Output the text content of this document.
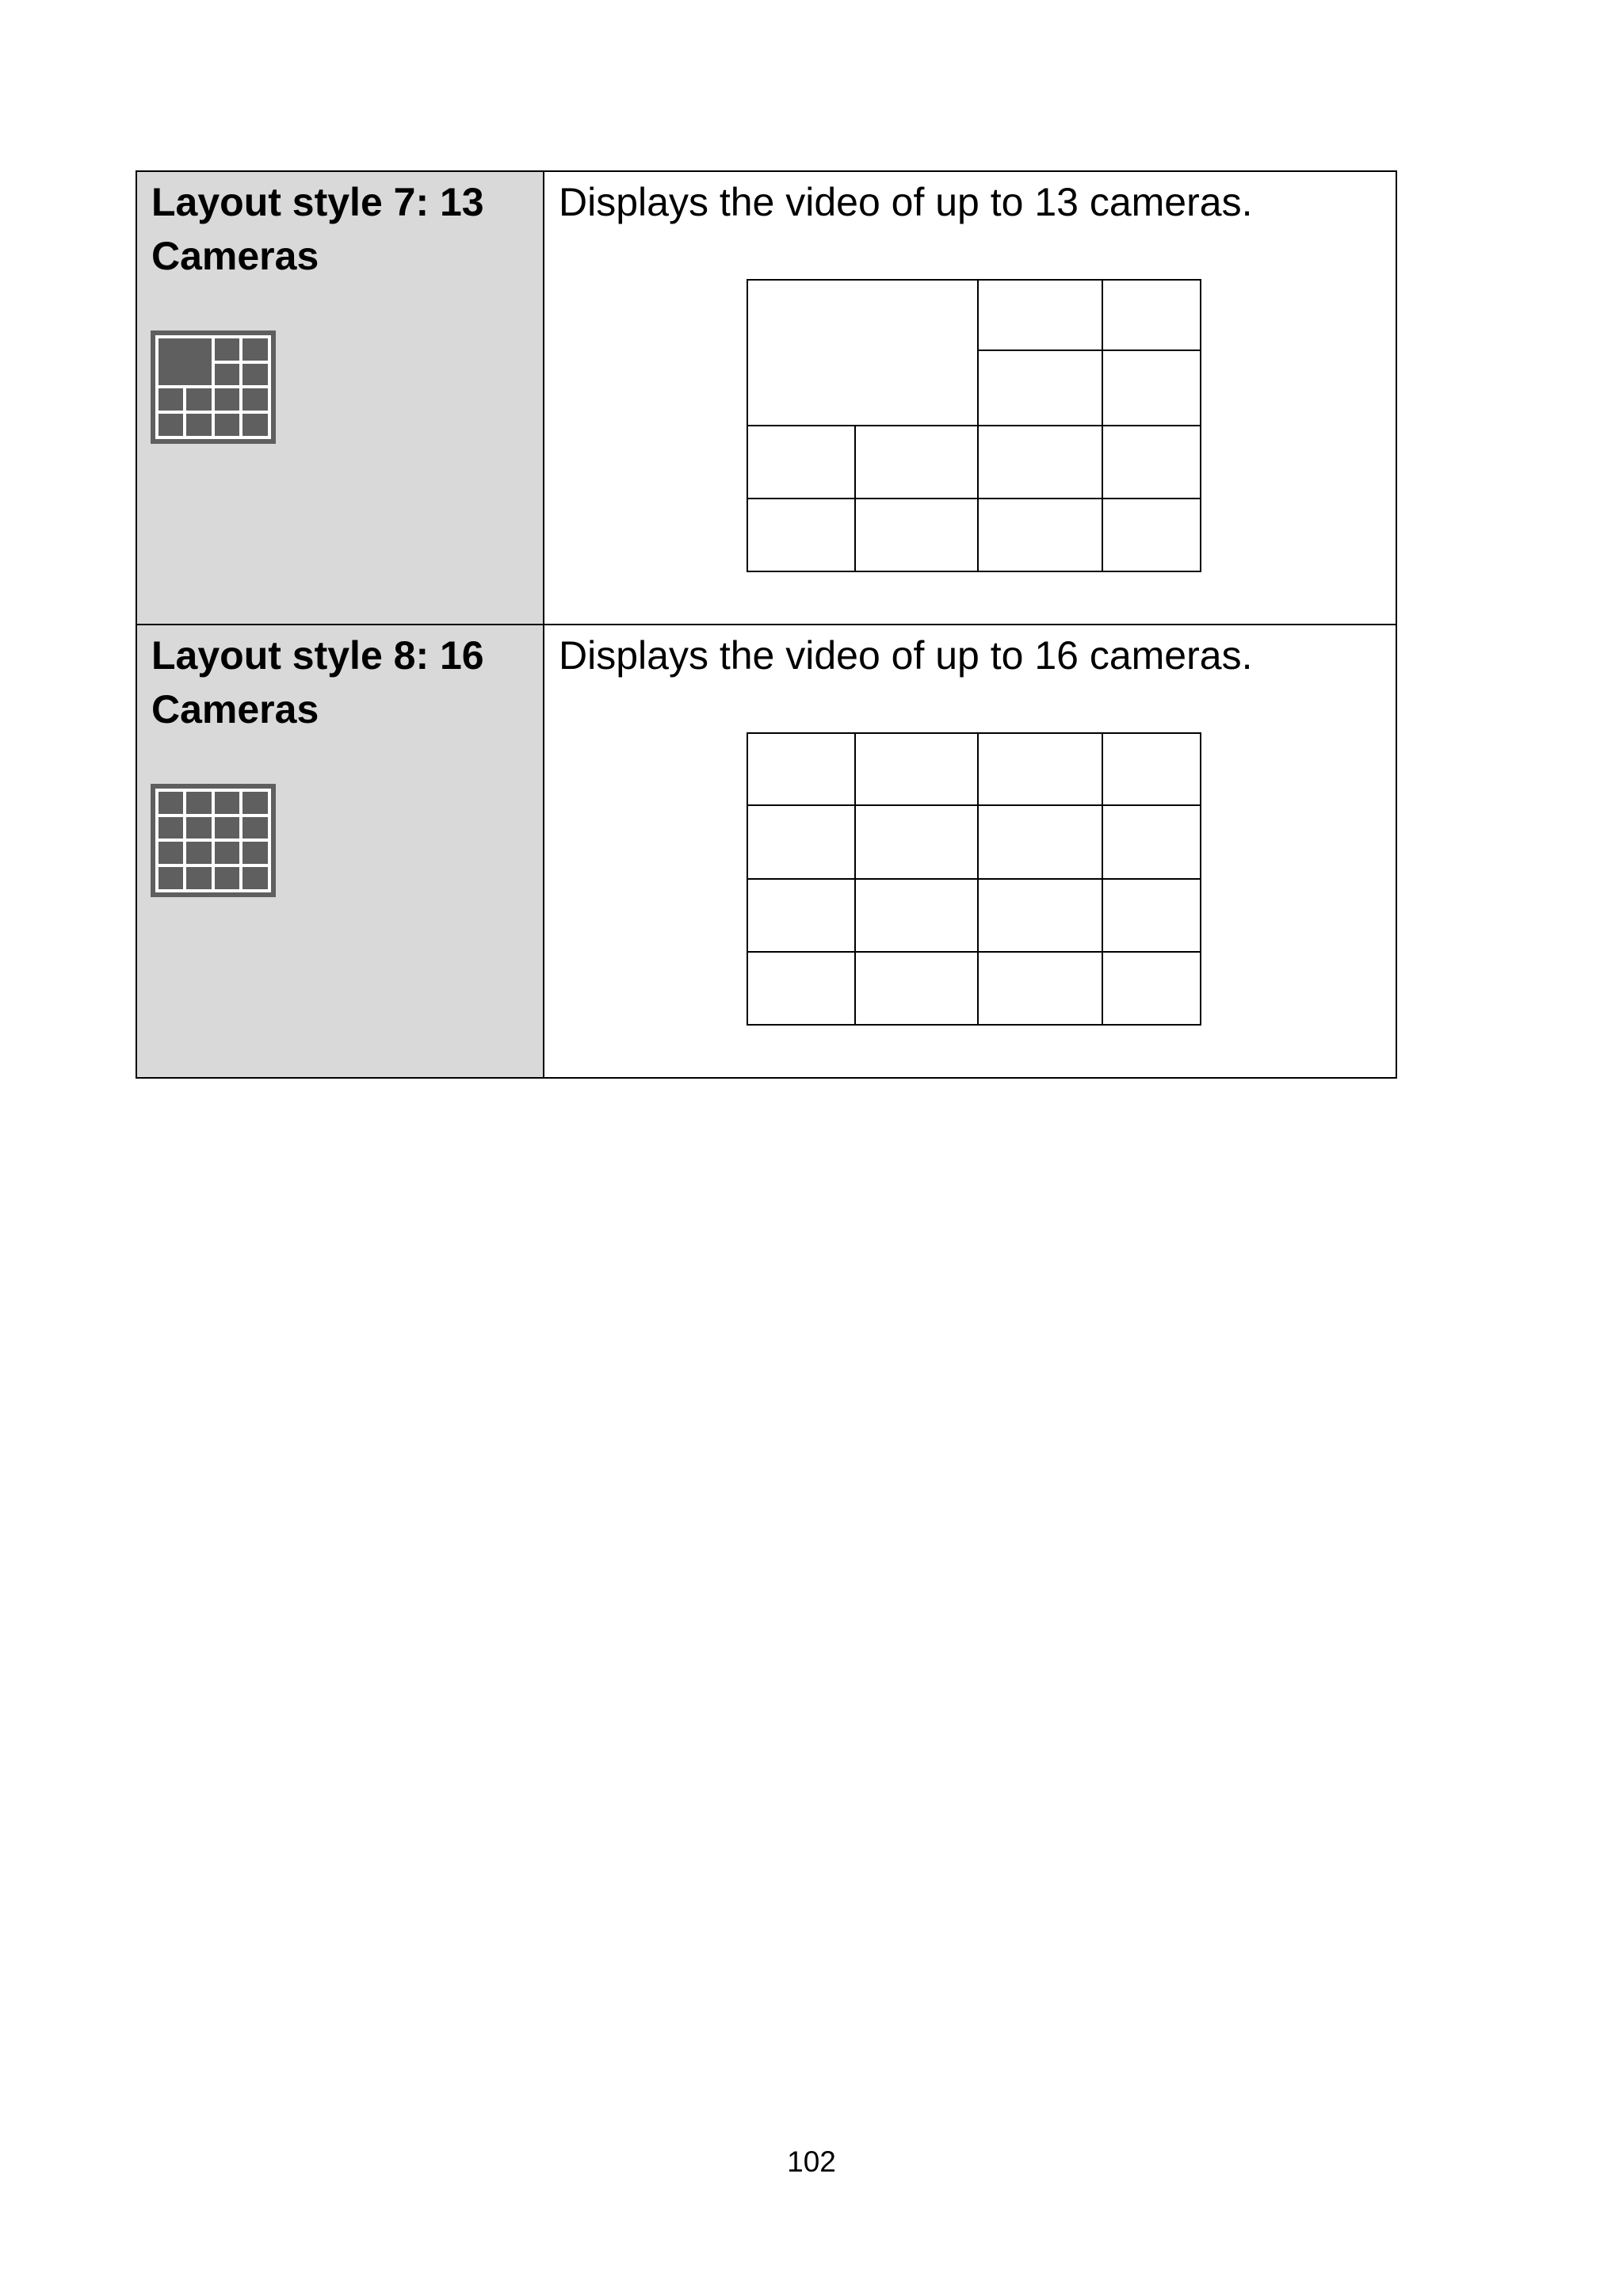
Layout style 7: 13 Cameras	Displays the video of up to 13 cameras.

Layout style 8: 16 Cameras	Displays the video of up to 16 cameras.
102
